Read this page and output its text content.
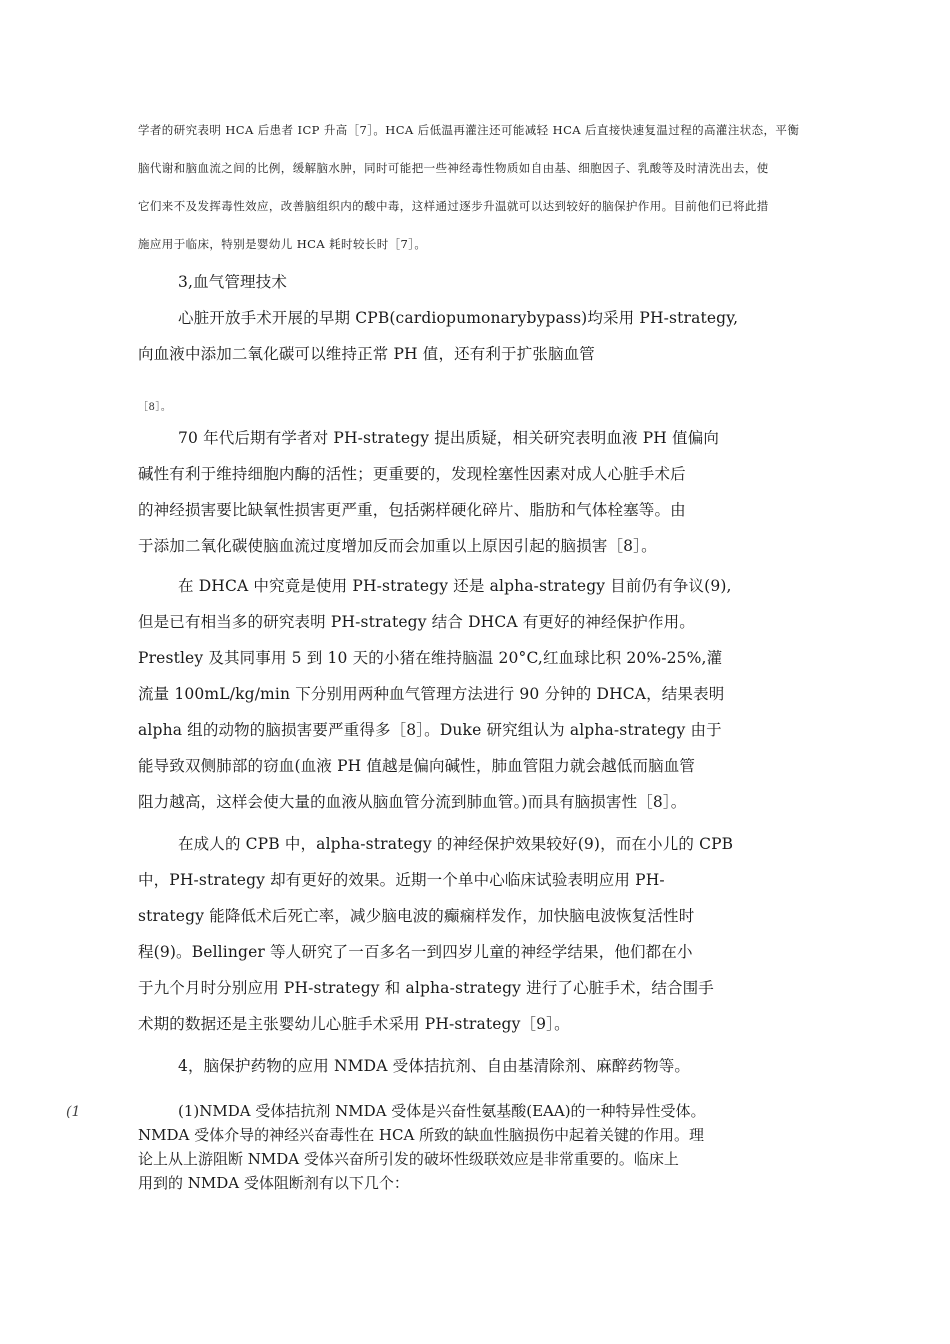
学者的研究表明 HCA 后患者 ICP 升高［7］。HCA 后低温再灌注还可能减轻 HCA 后直接快速复温过程的高灌注状态，平衡
脑代谢和脑血流之间的比例，缓解脑水肿，同时可能把一些神经毒性物质如自由基、细胞因子、乳酸等及时清洗出去，使
它们来不及发挥毒性效应，改善脑组织内的酸中毒，这样通过逐步升温就可以达到较好的脑保护作用。目前他们已将此措
施应用于临床，特别是婴幼儿 HCA 耗时较长时［7］。
3,血气管理技术
心脏开放手术开展的早期 CPB(cardiopumonarybypass)均采用 PH-strategy,
向血液中添加二氧化碳可以维持正常 PH 值，还有利于扩张脑血管
［8］。
70 年代后期有学者对 PH-strategy 提出质疑，相关研究表明血液 PH 值偏向
碱性有利于维持细胞内酶的活性；更重要的，发现栓塞性因素对成人心脏手术后
的神经损害要比缺氧性损害更严重，包括粥样硬化碎片、脂肪和气体栓塞等。由
于添加二氧化碳使脑血流过度增加反而会加重以上原因引起的脑损害［8］。
在 DHCA 中究竟是使用 PH-strategy 还是 alpha-strategy 目前仍有争议(9),
但是已有相当多的研究表明 PH-strategy 结合 DHCA 有更好的神经保护作用。
Prestley 及其同事用 5 到 10 天的小猪在维持脑温 20°C,红血球比积 20%-25%,灌
流量 100mL/kg/min 下分别用两种血气管理方法进行 90 分钟的 DHCA，结果表明
alpha 组的动物的脑损害要严重得多［8］。Duke 研究组认为 alpha-strategy 由于
能导致双侧肺部的窃血(血液 PH 值越是偏向碱性，肺血管阻力就会越低而脑血管
阻力越高，这样会使大量的血液从脑血管分流到肺血管。)而具有脑损害性［8］。
在成人的 CPB 中，alpha-strategy 的神经保护效果较好(9)，而在小儿的 CPB
中，PH-strategy 却有更好的效果。近期一个单中心临床试验表明应用 PH-
strategy 能降低术后死亡率，减少脑电波的癫痫样发作，加快脑电波恢复活性时
程(9)。Bellinger 等人研究了一百多名一到四岁儿童的神经学结果，他们都在小
于九个月时分别应用 PH-strategy 和 alpha-strategy 进行了心脏手术，结合围手
术期的数据还是主张婴幼儿心脏手术采用 PH-strategy［9］。
4，脑保护药物的应用 NMDA 受体拮抗剂、自由基清除剂、麻醉药物等。
(1	(1)NMDA 受体拮抗剂 NMDA 受体是兴奋性氨基酸(EAA)的一种特异性受体。
NMDA 受体介导的神经兴奋毒性在 HCA 所致的缺血性脑损伤中起着关键的作用。理
论上从上游阻断 NMDA 受体兴奋所引发的破坏性级联效应是非常重要的。临床上
用到的 NMDA 受体阻断剂有以下几个：
